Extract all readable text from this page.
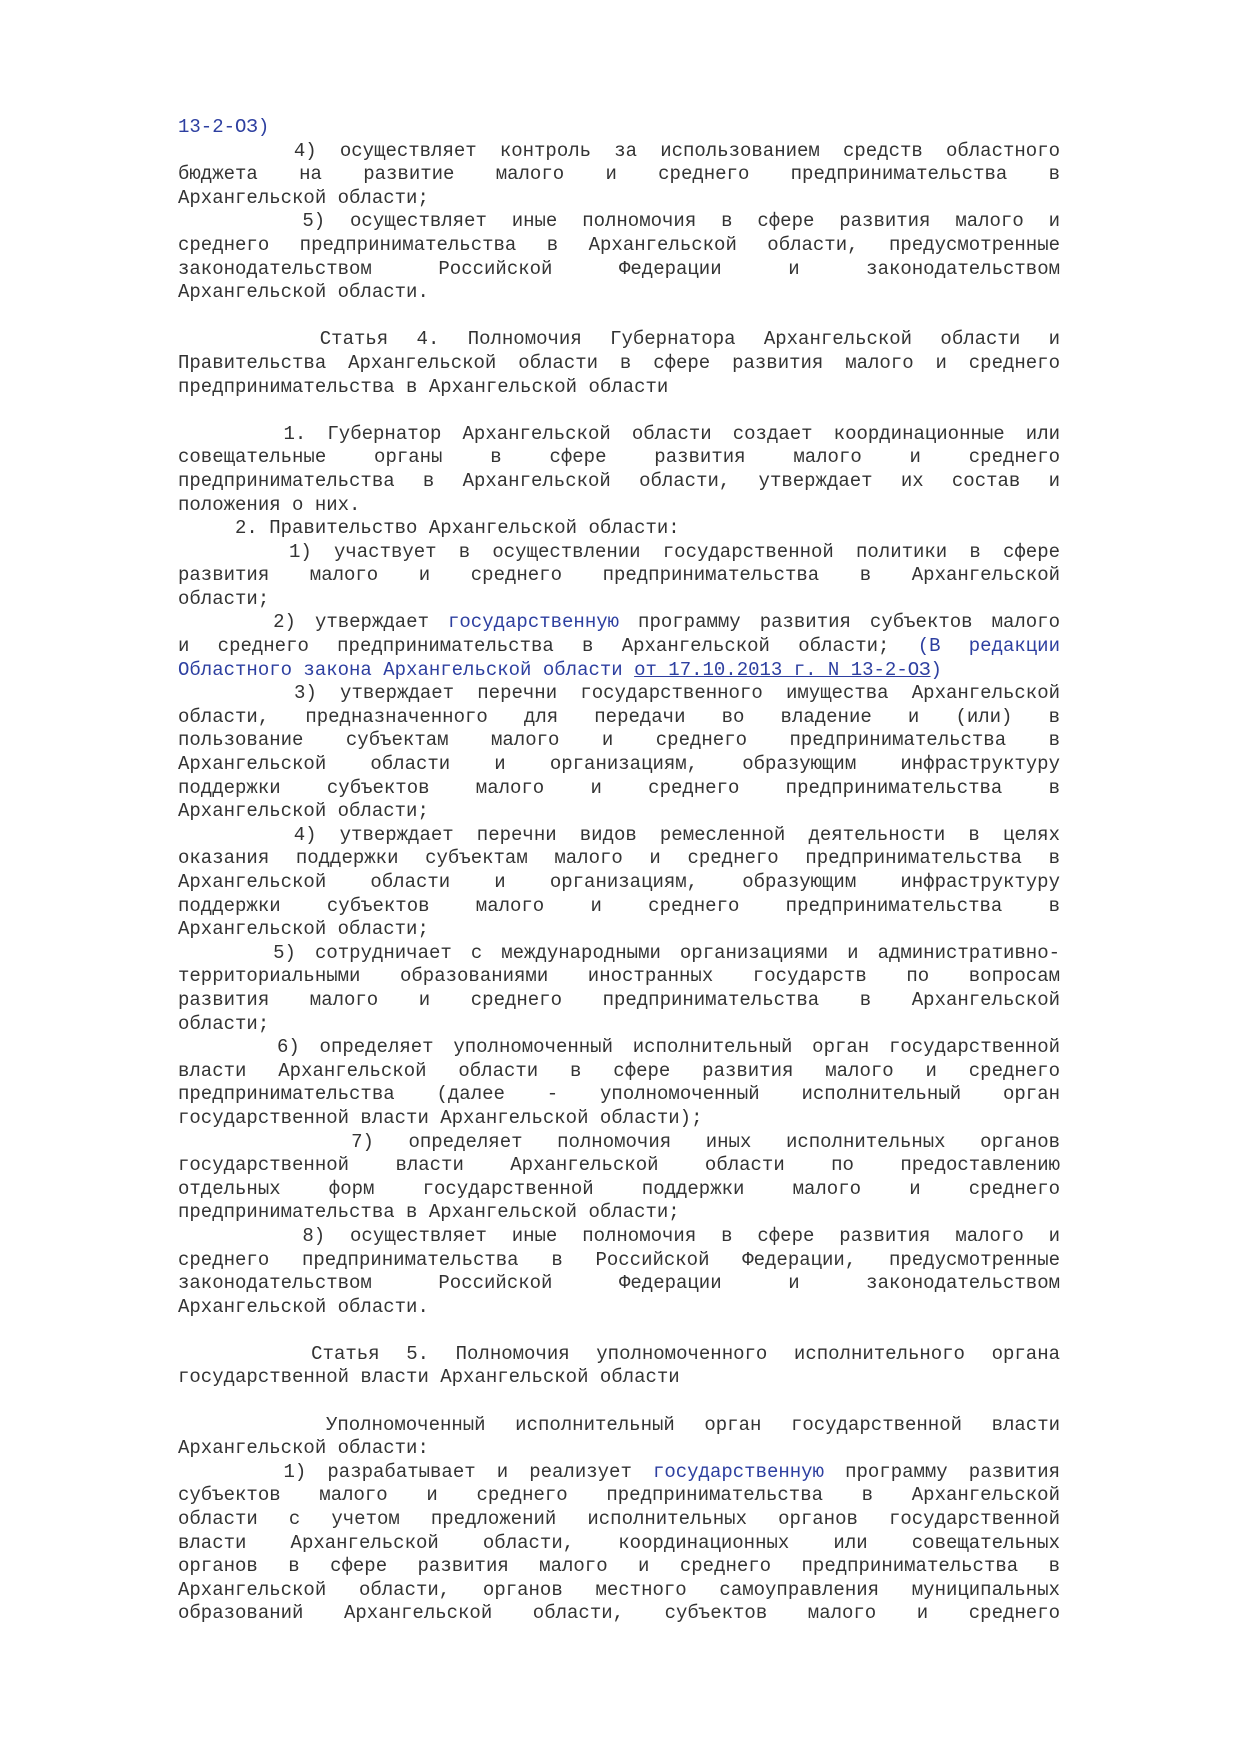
13-2-ОЗ)
4) осуществляет контроль за использованием средств областного
бюджета на развитие малого и среднего предпринимательства в
Архангельской области;
5) осуществляет иные полномочия в сфере развития малого и
среднего предпринимательства в Архангельской области, предусмотренные
законодательством Российской Федерации и законодательством
Архангельской области.
Статья 4. Полномочия Губернатора Архангельской области и
Правительства Архангельской области в сфере развития малого и среднего
предпринимательства в Архангельской области
1. Губернатор Архангельской области создает координационные или
совещательные органы в сфере развития малого и среднего
предпринимательства в Архангельской области, утверждает их состав и
положения о них.
2. Правительство Архангельской области:
1) участвует в осуществлении государственной политики в сфере
развития малого и среднего предпринимательства в Архангельской
области;
2) утверждает государственную программу развития субъектов малого
и среднего предпринимательства в Архангельской области; (В редакции
Областного закона Архангельской области от 17.10.2013 г. N 13-2-ОЗ)
3) утверждает перечни государственного имущества Архангельской
области, предназначенного для передачи во владение и (или) в
пользование субъектам малого и среднего предпринимательства в
Архангельской области и организациям, образующим инфраструктуру
поддержки субъектов малого и среднего предпринимательства в
Архангельской области;
4) утверждает перечни видов ремесленной деятельности в целях
оказания поддержки субъектам малого и среднего предпринимательства в
Архангельской области и организациям, образующим инфраструктуру
поддержки субъектов малого и среднего предпринимательства в
Архангельской области;
5) сотрудничает с международными организациями и административно-
территориальными образованиями иностранных государств по вопросам
развития малого и среднего предпринимательства в Архангельской
области;
6) определяет уполномоченный исполнительный орган государственной
власти Архангельской области в сфере развития малого и среднего
предпринимательства (далее - уполномоченный исполнительный орган
государственной власти Архангельской области);
7) определяет полномочия иных исполнительных органов
государственной власти Архангельской области по предоставлению
отдельных форм государственной поддержки малого и среднего
предпринимательства в Архангельской области;
8) осуществляет иные полномочия в сфере развития малого и
среднего предпринимательства в Российской Федерации, предусмотренные
законодательством Российской Федерации и законодательством
Архангельской области.
Статья 5. Полномочия уполномоченного исполнительного органа
государственной власти Архангельской области
Уполномоченный исполнительный орган государственной власти
Архангельской области:
1) разрабатывает и реализует государственную программу развития
субъектов малого и среднего предпринимательства в Архангельской
области с учетом предложений исполнительных органов государственной
власти Архангельской области, координационных или совещательных
органов в сфере развития малого и среднего предпринимательства в
Архангельской области, органов местного самоуправления муниципальных
образований Архангельской области, субъектов малого и среднего
